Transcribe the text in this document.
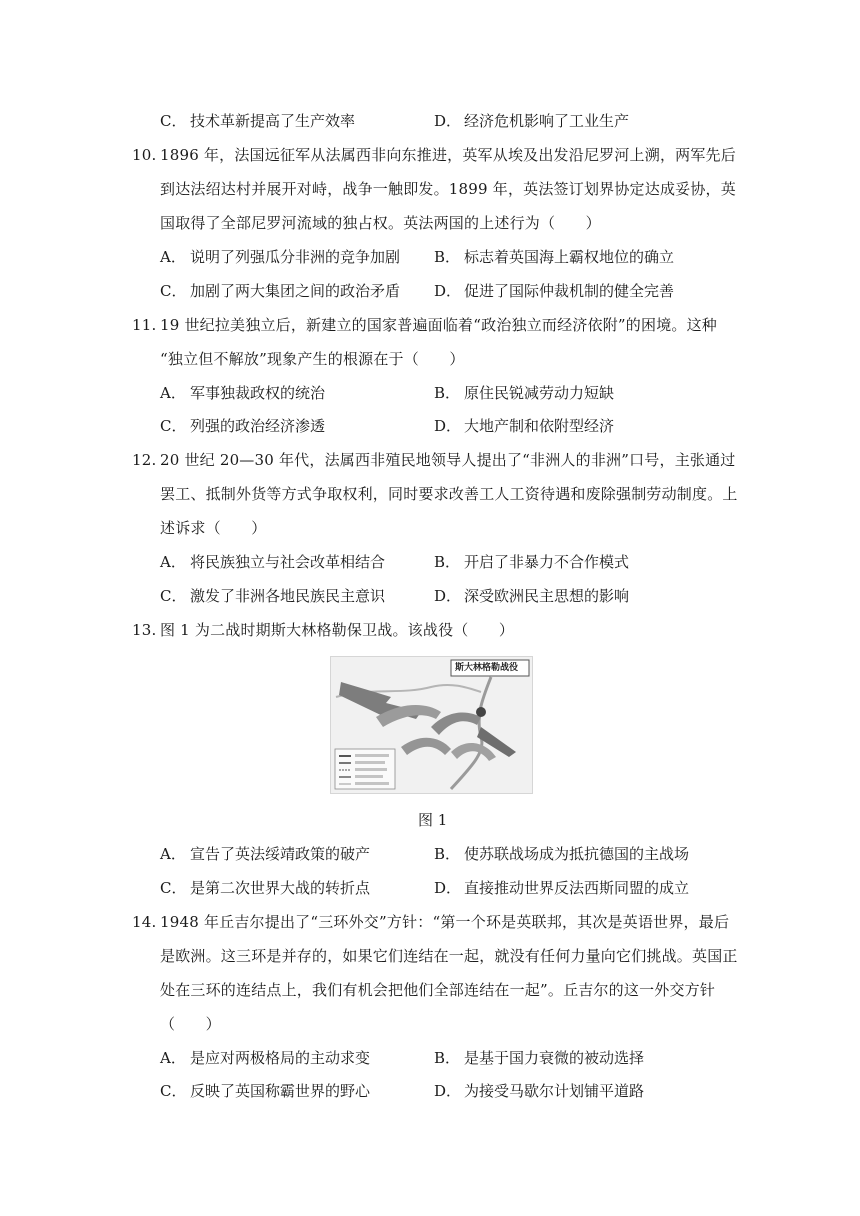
C． 技术革新提高了生产效率	D． 经济危机影响了工业生产
10. 1896 年，法国远征军从法属西非向东推进，英军从埃及出发沿尼罗河上溯，两军先后
到达法绍达村并展开对峙，战争一触即发。1899 年，英法签订划界协定达成妥协，英
国取得了全部尼罗河流域的独占权。英法两国的上述行为（　　）
A． 说明了列强瓜分非洲的竞争加剧 B． 标志着英国海上霸权地位的确立
C． 加剧了两大集团之间的政治矛盾 D． 促进了国际仲裁机制的健全完善
11. 19 世纪拉美独立后，新建立的国家普遍面临着“政治独立而经济依附”的困境。这种
“独立但不解放”现象产生的根源在于（　　）
A． 军事独裁政权的统治	B． 原住民锐减劳动力短缺
C． 列强的政治经济渗透	D． 大地产制和依附型经济
12. 20 世纪 20—30 年代，法属西非殖民地领导人提出了“非洲人的非洲”口号，主张通过
罢工、抵制外货等方式争取权利，同时要求改善工人工资待遇和废除强制劳动制度。上
述诉求（　　）
A． 将民族独立与社会改革相结合	B． 开启了非暴力不合作模式
C． 激发了非洲各地民族民主意识	D． 深受欧洲民主思想的影响
13. 图 1 为二战时期斯大林格勒保卫战。该战役（　　）
斯大林格勒战役
图 1
A． 宣告了英法绥靖政策的破产	B． 使苏联战场成为抵抗德国的主战场
C． 是第二次世界大战的转折点	D． 直接推动世界反法西斯同盟的成立
14. 1948 年丘吉尔提出了“三环外交”方针：“第一个环是英联邦，其次是英语世界，最后
是欧洲。这三环是并存的，如果它们连结在一起，就没有任何力量向它们挑战。英国正
处在三环的连结点上，我们有机会把他们全部连结在一起”。丘吉尔的这一外交方针
（　　）
A． 是应对两极格局的主动求变	B． 是基于国力衰微的被动选择
C． 反映了英国称霸世界的野心	D． 为接受马歇尔计划铺平道路
